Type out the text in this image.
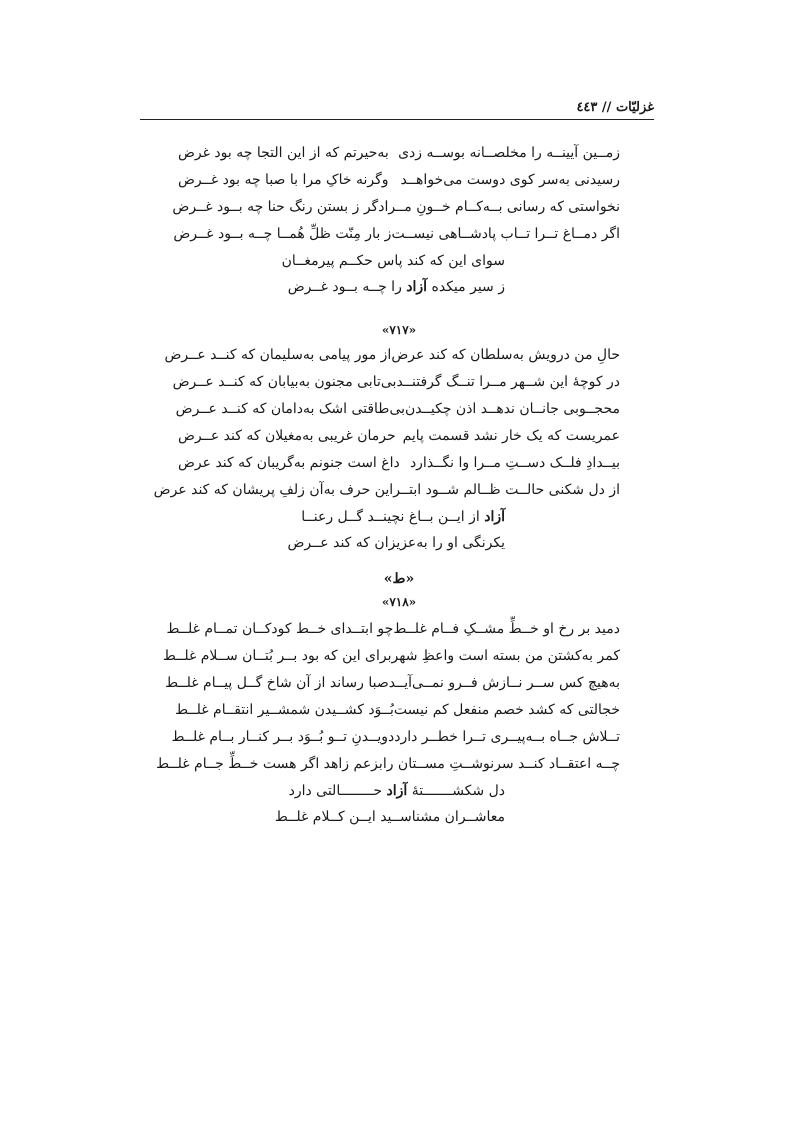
غزلیّات // ٤٤٣
زمــین آیینــه را مخلصــانه بوســه زدی
به‌حیرتم که از این التجا چه بود غرض
رسیدنی به‌سر کوی دوست می‌خواهــد
وگرنه خاکِ مرا با صبا چه بود غــرض
نخواستی که رسانی بــه‌کــام خــونِ مــرا
دگر ز بستن رنگ حنا چه بــود غــرض
اگر دمــاغ تــرا تــاب پادشــاهی نیســت
ز بار مِنّت ظلِّ هُمــا چــه بــود غــرض
سوای این که کند پاس حکــم پیرمغــان
ز سیر میکده آزاد را چــه بــود غــرض
«٧١٧»
حالِ من درویش به‌سلطان که کند عرض
از مور پیامی به‌سلیمان که کنــد عــرض
در کوچهٔ این شــهر مــرا تنــگ گرفتنــد
بی‌تابی مجنون به‌بیابان که کنــد عــرض
محجــوبی جانــان ندهــد اذن چکیــدن
بی‌طاقتی اشک به‌دامان که کنــد عــرض
عمریست که یک خار نشد قسمت پایم
حرمان غریبی به‌مغیلان که کند عــرض
بیــدادِ فلــک دســتِ مــرا وا نگــذارد
داغ است جنونم به‌گریبان که کند عرض
از دل شکنی حالــت ظــالم شــود ابتــر
این حرف به‌آن زلفِ پریشان که کند عرض
آزاد از ایــن بــاغ نچینــد گــل رعنــا
یکرنگی او را به‌عزیزان که کند عــرض
«ط»
«٧١٨»
دمید بر رخ او خــطِّ مشــکِ فــام غلــط
چو ابتــدای خــط کودکــان تمــام غلــط
کمر به‌کشتن من بسته است واعظِ شهر
برای این که بود بــر بُتــان ســلام غلــط
به‌هیچ کس ســر نــازش فــرو نمــی‌آیــد
صبا رساند از آن شاخ گــل پیــام غلــط
خجالتی که کشد خصم منفعل کم نیست
بُــوَد کشــیدن شمشــیر انتقــام غلــط
تــلاش جــاه بــه‌پیــری تــرا خطــر دارد
دویــدنِ تــو بُــوَد بــر کنــار بــام غلــط
چــه اعتقــاد کنــد سرنوشــتِ مســتان را
بزعم زاهد اگر هست خــطِّ جــام غلــط
دل شکشـــــــتهٔ آزاد حــــــــالتی دارد
معاشــران مشناســید ایــن کــلام غلــط
